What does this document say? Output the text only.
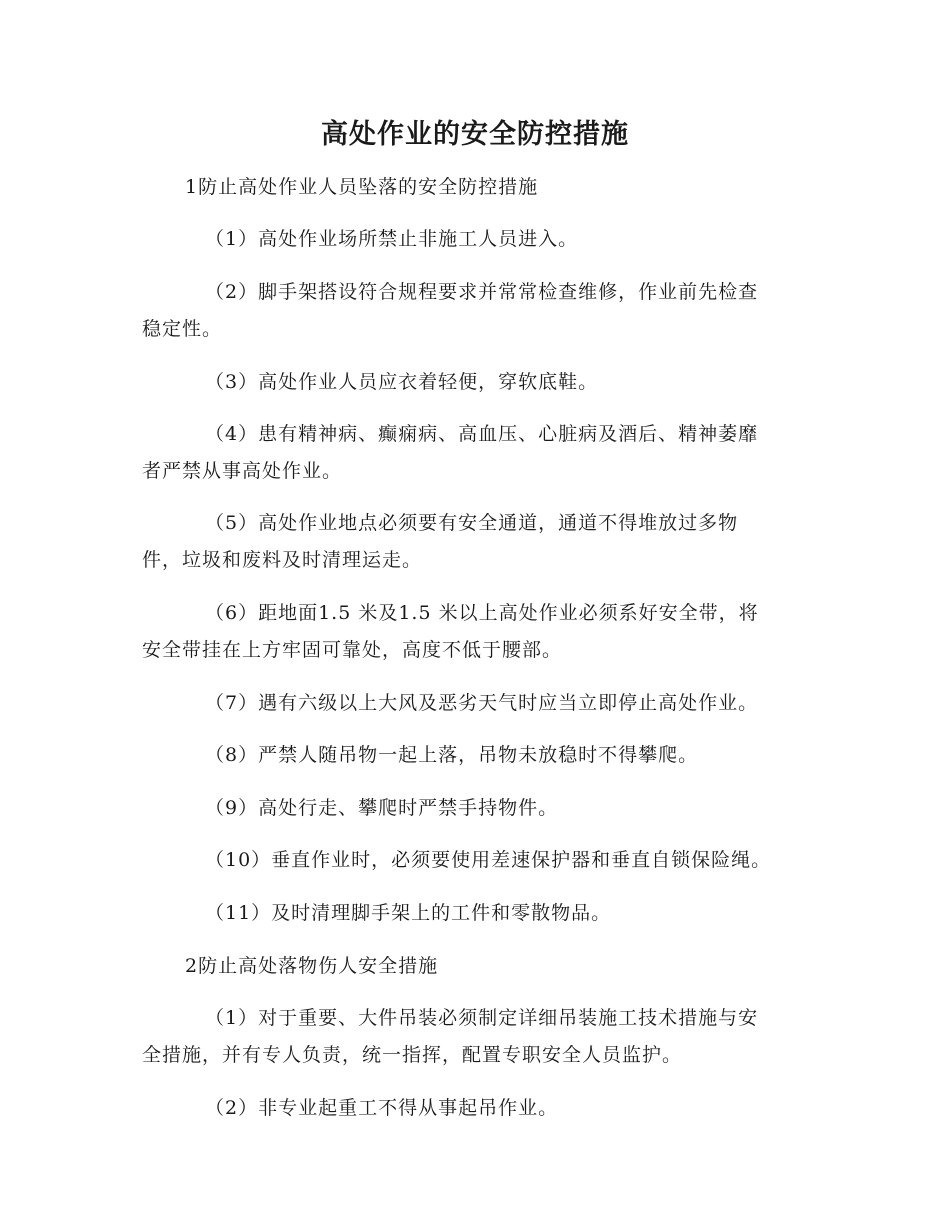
高处作业的安全防控措施
1防止高处作业人员坠落的安全防控措施
（1）高处作业场所禁止非施工人员进入。
（2）脚手架搭设符合规程要求并常常检查维修，作业前先检查
稳定性。
（3）高处作业人员应衣着轻便，穿软底鞋。
（4）患有精神病、癫痫病、高血压、心脏病及酒后、精神萎靡
者严禁从事高处作业。
（5）高处作业地点必须要有安全通道，通道不得堆放过多物
件，垃圾和废料及时清理运走。
（6）距地面1.5 米及1.5 米以上高处作业必须系好安全带，将
安全带挂在上方牢固可靠处，高度不低于腰部。
（7）遇有六级以上大风及恶劣天气时应当立即停止高处作业。
（8）严禁人随吊物一起上落，吊物未放稳时不得攀爬。
（9）高处行走、攀爬时严禁手持物件。
（10）垂直作业时，必须要使用差速保护器和垂直自锁保险绳。
（11）及时清理脚手架上的工件和零散物品。
2防止高处落物伤人安全措施
（1）对于重要、大件吊装必须制定详细吊装施工技术措施与安
全措施，并有专人负责，统一指挥，配置专职安全人员监护。
（2）非专业起重工不得从事起吊作业。
